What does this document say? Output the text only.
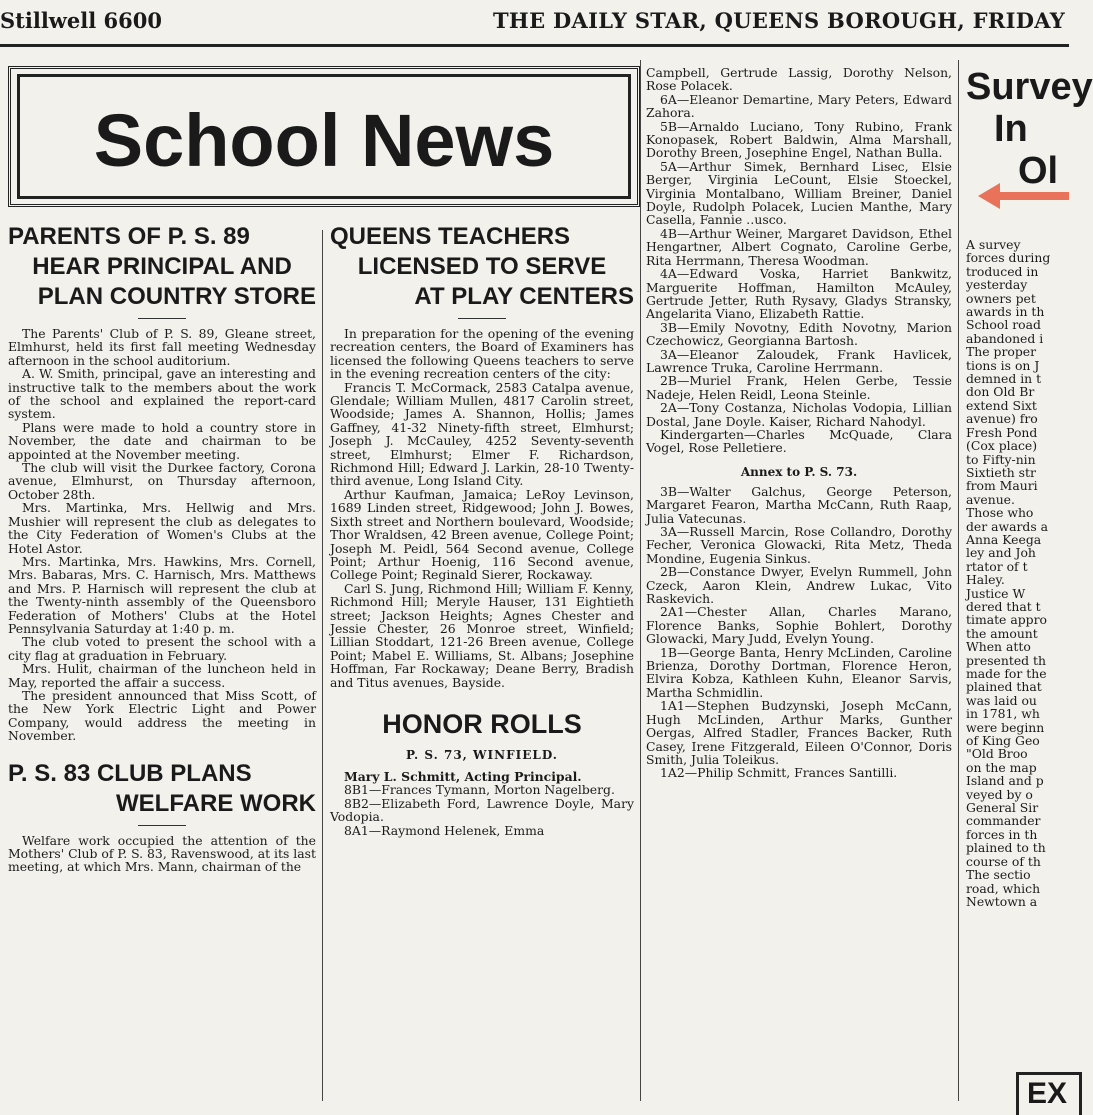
Stillwell 6600	THE DAILY STAR, QUEENS BOROUGH, FRIDAY
School News
PARENTS OF P. S. 89
HEAR PRINCIPAL AND
PLAN COUNTRY STORE

The Parents' Club of P. S. 89, Gleane street, Elmhurst, held its first fall meeting Wednesday afternoon in the school auditorium.

A. W. Smith, principal, gave an interesting and instructive talk to the members about the work of the school and explained the report-card system.

Plans were made to hold a country store in November, the date and chairman to be appointed at the November meeting.

The club will visit the Durkee factory, Corona avenue, Elmhurst, on Thursday afternoon, October 28th.

Mrs. Martinka, Mrs. Hellwig and Mrs. Mushier will represent the club as delegates to the City Federation of Women's Clubs at the Hotel Astor.

Mrs. Martinka, Mrs. Hawkins, Mrs. Cornell, Mrs. Babaras, Mrs. C. Harnisch, Mrs. Matthews and Mrs. P. Harnisch will represent the club at the Twenty-ninth assembly of the Queensboro Federation of Mothers' Clubs at the Hotel Pennsylvania Saturday at 1:40 p. m.

The club voted to present the school with a city flag at graduation in February.

Mrs. Hulit, chairman of the luncheon held in May, reported the affair a success.

The president announced that Miss Scott, of the New York Electric Light and Power Company, would address the meeting in November.

P. S. 83 CLUB PLANS
WELFARE WORK

Welfare work occupied the attention of the Mothers' Club of P. S. 83, Ravenswood, at its last meeting, at which Mrs. Mann, chairman of the

QUEENS TEACHERS
LICENSED TO SERVE
AT PLAY CENTERS

In preparation for the opening of the evening recreation centers, the Board of Examiners has licensed the following Queens teachers to serve in the evening recreation centers of the city:

Francis T. McCormack, 2583 Catalpa avenue, Glendale; William Mullen, 4817 Carolin street, Woodside; James A. Shannon, Hollis; James Gaffney, 41-32 Ninety-fifth street, Elmhurst; Joseph J. McCauley, 4252 Seventy-seventh street, Elmhurst; Elmer F. Richardson, Richmond Hill; Edward J. Larkin, 28-10 Twenty-third avenue, Long Island City.

Arthur Kaufman, Jamaica; LeRoy Levinson, 1689 Linden street, Ridgewood; John J. Bowes, Sixth street and Northern boulevard, Woodside; Thor Wraldsen, 42 Breen avenue, College Point; Joseph M. Peidl, 564 Second avenue, College Point; Arthur Hoenig, 116 Second avenue, College Point; Reginald Sierer, Rockaway.

Carl S. Jung, Richmond Hill; William F. Kenny, Richmond Hill; Meryle Hauser, 131 Eightieth street; Jackson Heights; Agnes Chester and Jessie Chester, 26 Monroe street, Winfield; Lillian Stoddart, 121-26 Breen avenue, College Point; Mabel E. Williams, St. Albans; Josephine Hoffman, Far Rockaway; Deane Berry, Bradish and Titus avenues, Bayside.

HONOR ROLLS
P. S. 73, WINFIELD.

Mary L. Schmitt, Acting Principal.

8B1—Frances Tymann, Morton Nagelberg.

8B2—Elizabeth Ford, Lawrence Doyle, Mary Vodopia.

8A1—Raymond Helenek, Emma

Campbell, Gertrude Lassig, Dorothy Nelson, Rose Polacek.

6A—Eleanor Demartine, Mary Peters, Edward Zahora.

5B—Arnaldo Luciano, Tony Rubino, Frank Konopasek, Robert Baldwin, Alma Marshall, Dorothy Breen, Josephine Engel, Nathan Bulla.

5A—Arthur Simek, Bernhard Lisec, Elsie Berger, Virginia LeCount, Elsie Stoeckel, Virginia Montalbano, William Breiner, Daniel Doyle, Rudolph Polacek, Lucien Manthe, Mary Casella, Fannie ‥usco.

4B—Arthur Weiner, Margaret Davidson, Ethel Hengartner, Albert Cognato, Caroline Gerbe, Rita Herrmann, Theresa Woodman.

4A—Edward Voska, Harriet Bankwitz, Marguerite Hoffman, Hamilton McAuley, Gertrude Jetter, Ruth Rysavy, Gladys Stransky, Angelarita Viano, Elizabeth Rattie.

3B—Emily Novotny, Edith Novotny, Marion Czechowicz, Georgianna Bartosh.

3A—Eleanor Zaloudek, Frank Havlicek, Lawrence Truka, Caroline Herrmann.

2B—Muriel Frank, Helen Gerbe, Tessie Nadeje, Helen Reidl, Leona Steinle.

2A—Tony Costanza, Nicholas Vodopia, Lillian Dostal, Jane Doyle. Kaiser, Richard Nahodyl.

Kindergarten—Charles McQuade, Clara Vogel, Rose Pelletiere.

Annex to P. S. 73.

3B—Walter Galchus, George Peterson, Margaret Fearon, Martha McCann, Ruth Raap, Julia Vatecunas.

3A—Russell Marcin, Rose Collandro, Dorothy Fecher, Veronica Glowacki, Rita Metz, Theda Mondine, Eugenia Sinkus.

2B—Constance Dwyer, Evelyn Rummell, John Czeck, Aaron Klein, Andrew Lukac, Vito Raskevich.

2A1—Chester Allan, Charles Marano, Florence Banks, Sophie Bohlert, Dorothy Glowacki, Mary Judd, Evelyn Young.

1B—George Banta, Henry McLinden, Caroline Brienza, Dorothy Dortman, Florence Heron, Elvira Kobza, Kathleen Kuhn, Eleanor Sarvis, Martha Schmidlin.

1A1—Stephen Budzynski, Joseph McCann, Hugh McLinden, Arthur Marks, Gunther Oergas, Alfred Stadler, Frances Backer, Ruth Casey, Irene Fitzgerald, Eileen O'Connor, Doris Smith, Julia Toleikus.

1A2—Philip Schmitt, Frances Santilli.

Survey
In
Ol
A survey
forces during
troduced in
yesterday
owners pet
awards in th
School road
abandoned i
The proper
tions is on J
demned in t
don Old Br
extend Sixt
avenue) fro
Fresh Pond
(Cox place)
to Fifty-nin
Sixtieth str
from Mauri
avenue.
Those who
der awards a
Anna Keega
ley and Joh
rtator of t
Haley.
Justice W
dered that t
timate appro
the amount
When atto
presented th
made for the
plained that
was laid ou
in 1781, wh
were beginn
of King Geo
"Old Broo
on the map
Island and p
veyed by o
General Sir
commander
forces in th
plained to th
course of th
The sectio
road, which
Newtown a
EX
